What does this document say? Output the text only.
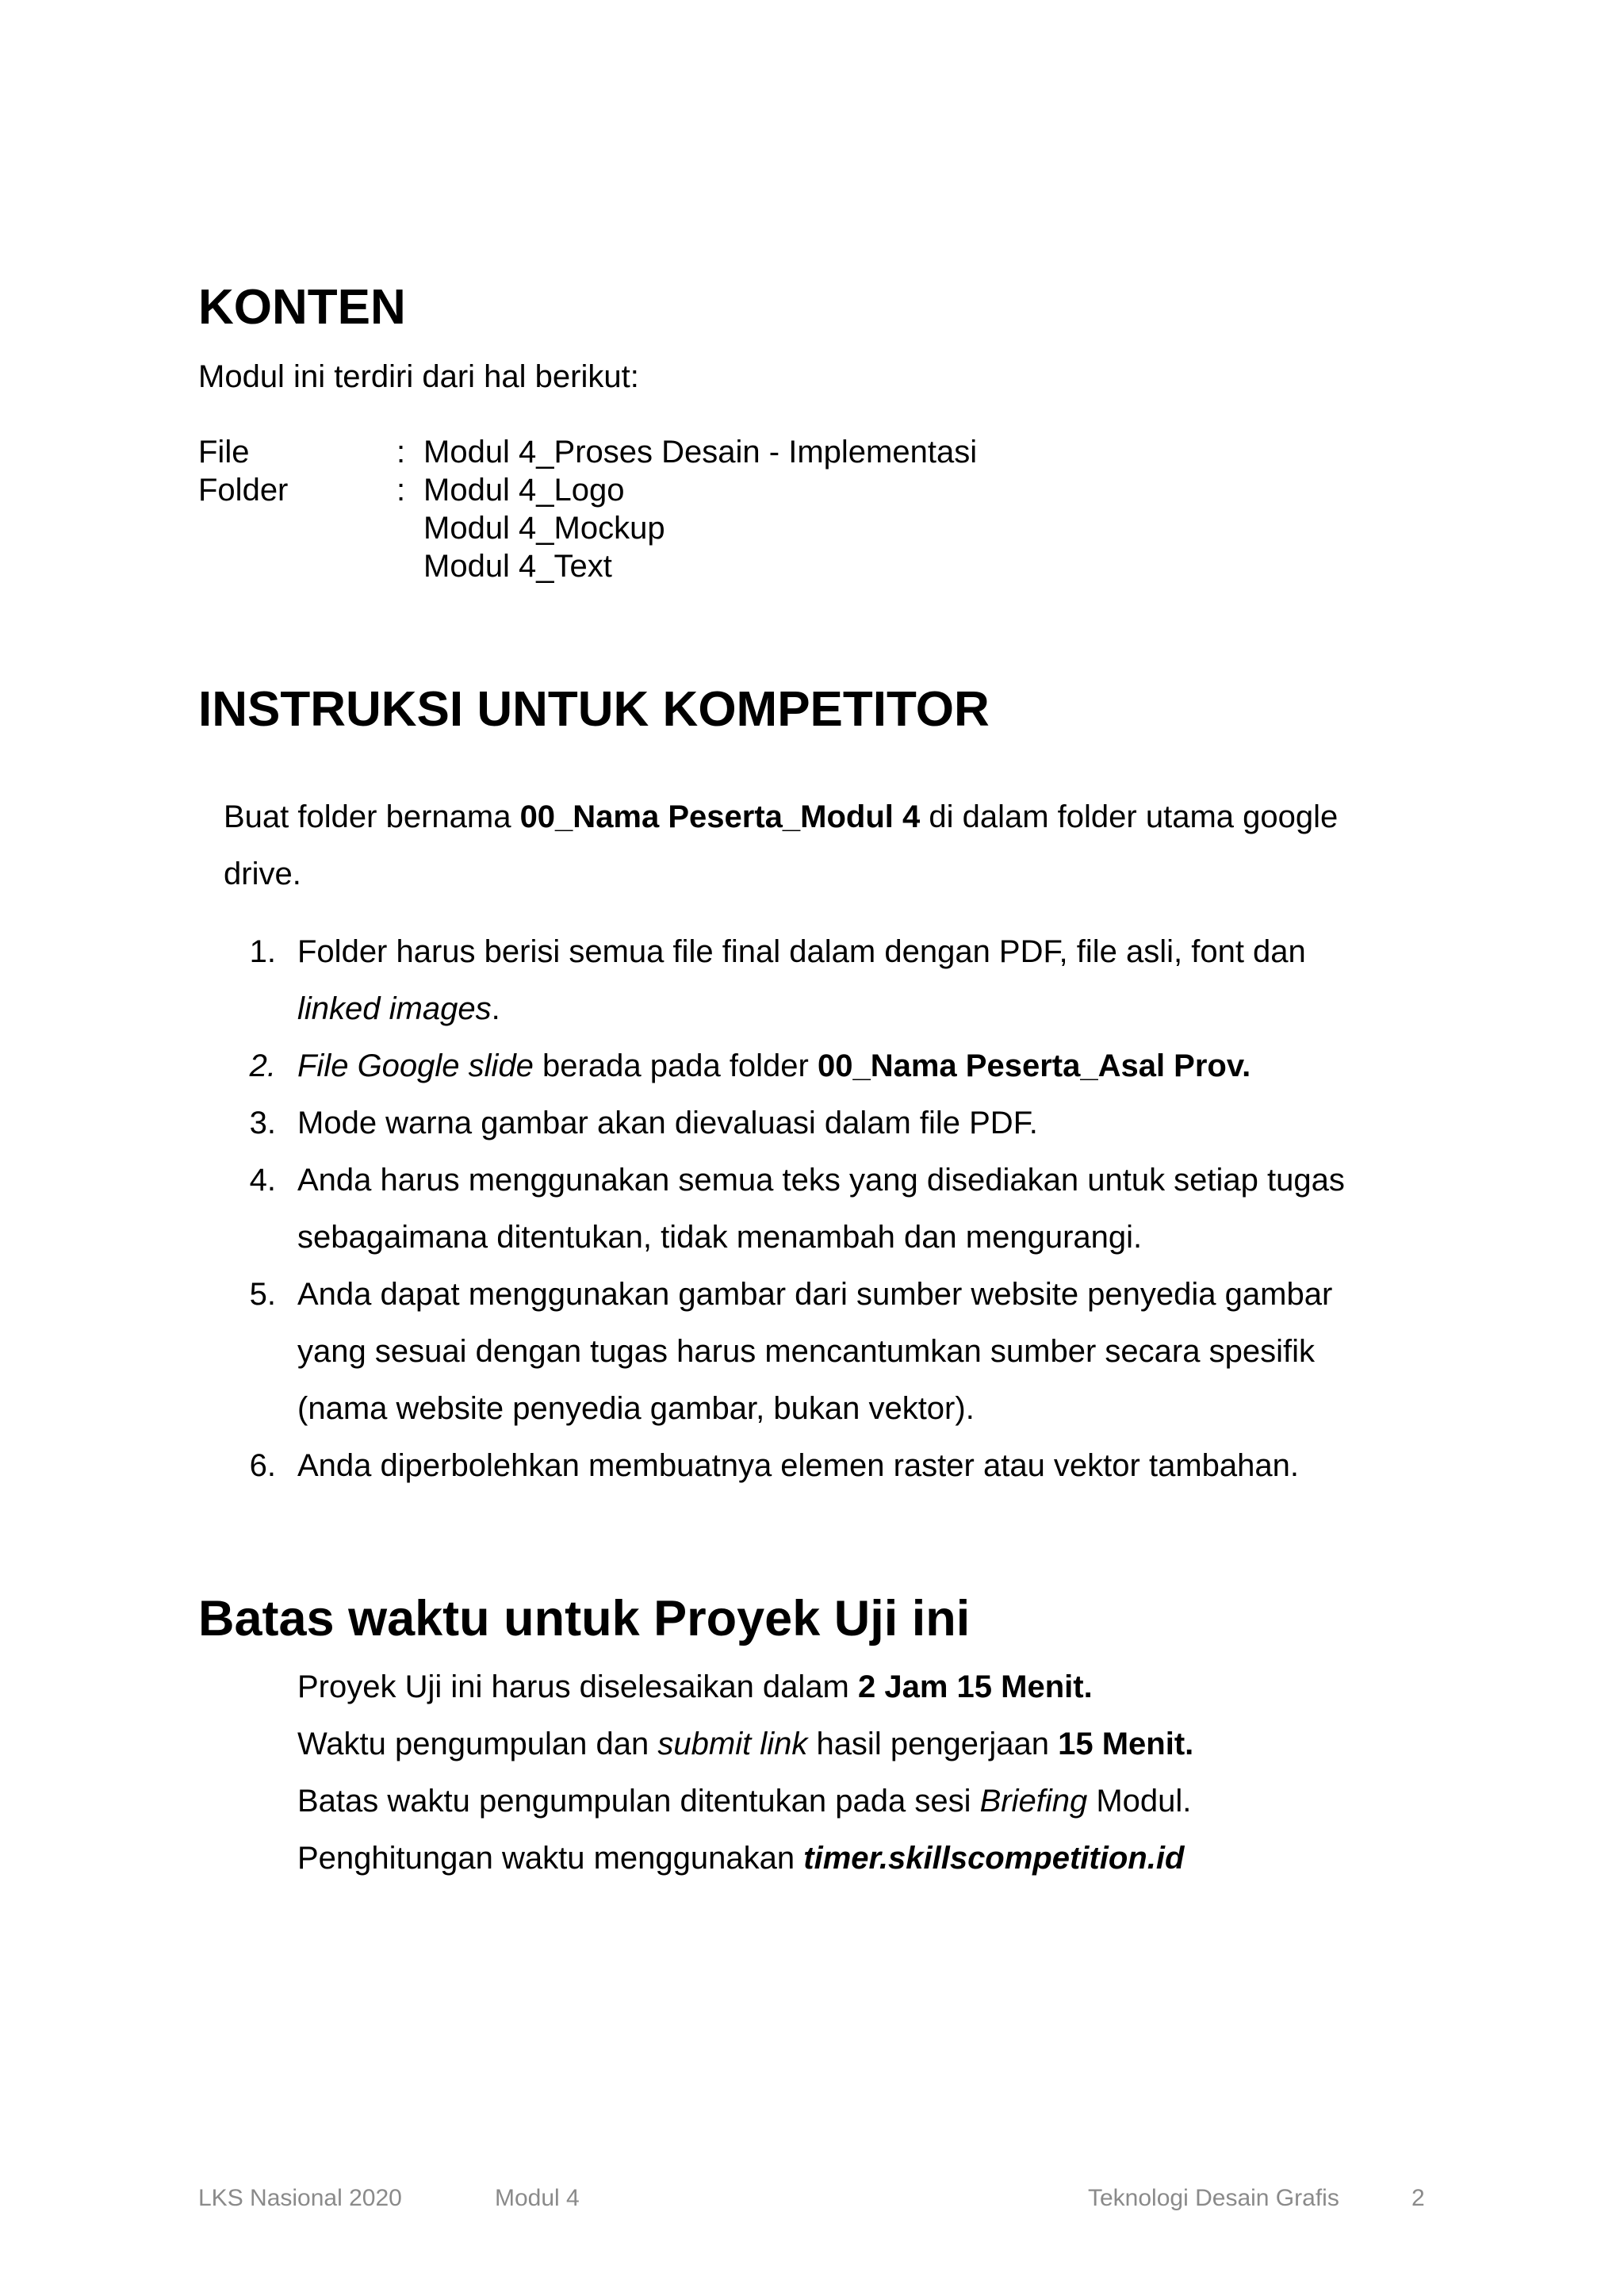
KONTEN
Modul ini terdiri dari hal berikut:
File	: Modul 4_Proses Desain - Implementasi
Folder	: Modul 4_Logo
Modul 4_Mockup
Modul 4_Text
INSTRUKSI UNTUK KOMPETITOR
Buat folder bernama 00_Nama Peserta_Modul 4 di dalam folder utama google
drive.
1. Folder harus berisi semua file final dalam dengan PDF, file asli, font dan
linked images.
2. File Google slide berada pada folder 00_Nama Peserta_Asal Prov.
3. Mode warna gambar akan dievaluasi dalam file PDF.
4. Anda harus menggunakan semua teks yang disediakan untuk setiap tugas
sebagaimana ditentukan, tidak menambah dan mengurangi.
5. Anda dapat menggunakan gambar dari sumber website penyedia gambar
yang sesuai dengan tugas harus mencantumkan sumber secara spesifik
(nama website penyedia gambar, bukan vektor).
6. Anda diperbolehkan membuatnya elemen raster atau vektor tambahan.
Batas waktu untuk Proyek Uji ini
Proyek Uji ini harus diselesaikan dalam 2 Jam 15 Menit.
Waktu pengumpulan dan submit link hasil pengerjaan 15 Menit.
Batas waktu pengumpulan ditentukan pada sesi Briefing Modul.
Penghitungan waktu menggunakan timer.skillscompetition.id
LKS Nasional 2020	Modul 4	Teknologi Desain Grafis	2
